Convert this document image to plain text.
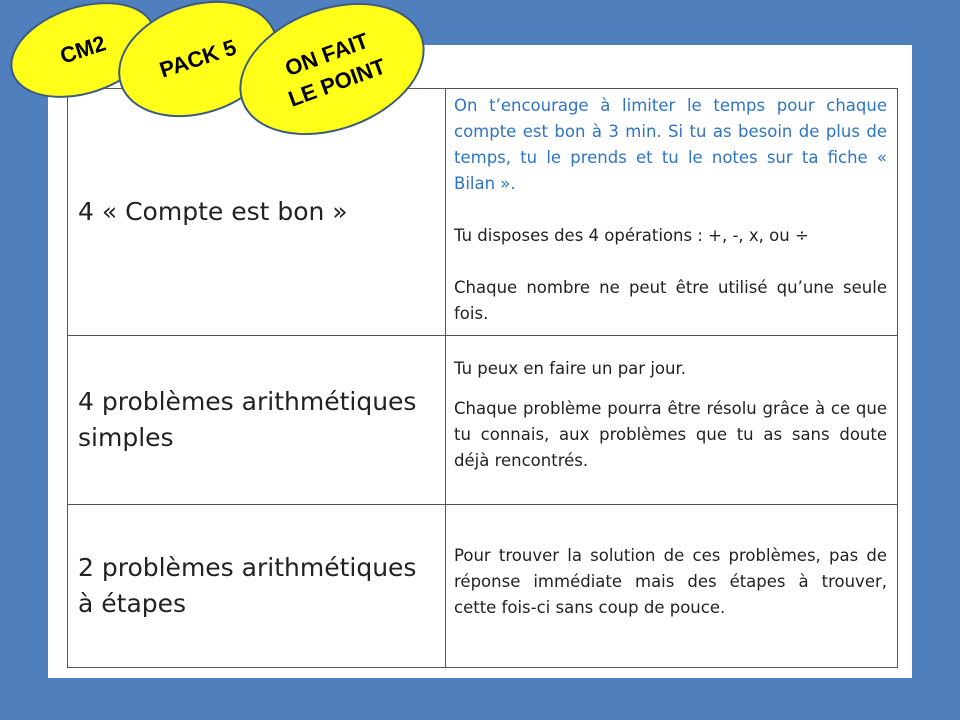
4 « Compte est bon »	On t’encourage à limiter le temps pour chaque compte est bon à 3 min. Si tu as besoin de plus de temps, tu le prends et tu le notes sur ta fiche « Bilan ».

Tu disposes des 4 opérations : +, -, x, ou ÷

Chaque nombre ne peut être utilisé qu’une seule fois.

4 problèmes arithmétiques simples	Tu peux en faire un par jour.

Chaque problème pourra être résolu grâce à ce que tu connais, aux problèmes que tu as sans doute déjà rencontrés.

2 problèmes arithmétiques à étapes	Pour trouver la solution de ces problèmes, pas de réponse immédiate mais des étapes à trouver, cette fois-ci sans coup de pouce.

CM2 PACK 5	ON FAIT LE POINT
